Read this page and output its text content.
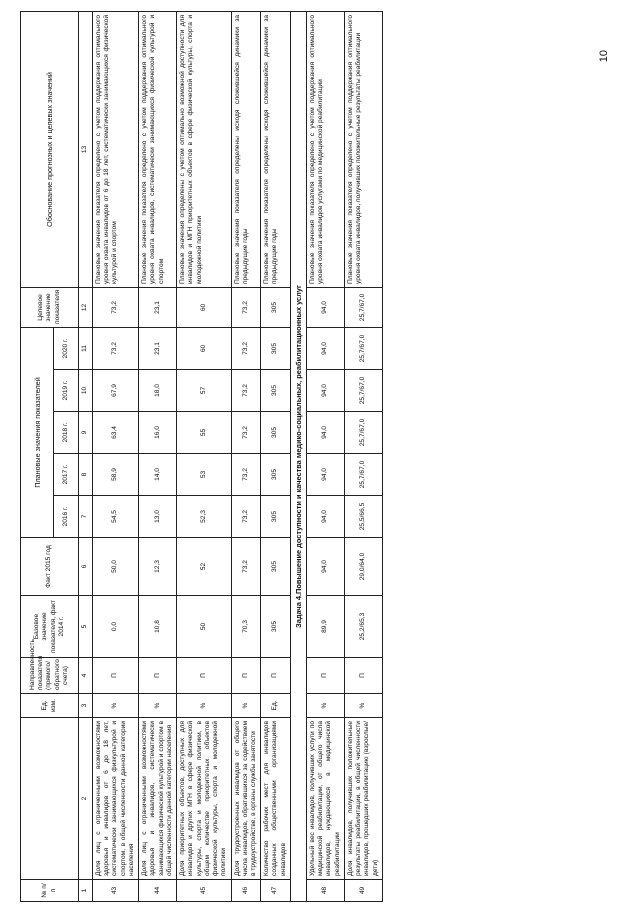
10
№ п/п		Ед. изм.	Направленность показателя (прямого/обратного счета)	Базовое значение показателя, факт 2014 г.	Факт 2015 год	Плановые значения показателей					Целевое значение показателя	Обоснование прогнозных и целевых значений
						2016 г.	2017 г.	2018 г.	2019 г.	2020 г.		
1	2	3	4	5	6	7	8	9	10	11	12	13
43	Доля лиц с ограниченными возможностями здоровья и инвалидов от 6 до 18 лет, систематически занимающихся физкультурой и спортом, в общей численности данной категории населения	%	П	0,0	50,0	54,5	58,9	63,4	67,9	73,2	73,2	Плановые значения показателя определено с учетом поддержания оптимального уровня охвата инвалидов от 6 до 18 лет, систематически занимающихся физической культурой и спортом
44	Доля лиц с ограниченными возможностями здоровья и инвалидов, систематически занимающихся физической культурой и спортом в общей численности данной категории населения	%	П	10,8	12,3	13,0	14,0	16,0	18,0	23,1	23,1	Плановые значения показателя определено с учетом поддержания оптимального уровня охвата инвалидов, систематически занимающихся физической культурой и спортом
45	Доля приоритетных объектов, доступных для инвалидов и других МГН в сфере физической культуры, спорта и молодежной политики, в общем количестве приоритетных объектов физической культуры, спорта и молодежной политики	%	П	50	52	52,3	53	55	57	60	60	Плановые значения определены с учетом оптимально возможной доступности для инвалидов и МГН приоритетных объектов в сфере физической культуры, спорта и молодежной политики
46	Доля трудоустроенных инвалидов от общего числа инвалидов, обратившихся за содействием в трудоустройстве, в органы службы занятости	%	П	70,3	73,2	73,2	73,2	73,2	73,2	73,2	73,2	Плановые значения показателя определены исходя сложившейся динамики за предыдущие годы
47	Количество рабочих мест для инвалидов созданных общественными организациями инвалидов	Ед.	П	305	305	305	305	305	305	305	305	Плановые значения показателя определены исходя сложившейся динамики за предыдущие годы
Задача 4.Повышение доступности и качества медико-социальных, реабилитационных услуг												
48	Удельный вес инвалидов, получивших услуги по медицинской реабилитации, от общего числа инвалидов, нуждающихся в медицинской реабилитации	%	П	89,9	94,0	94,0	94,0	94,0	94,0	94,0	94,0	Плановые значения показателя определено с учетом поддержания оптимального уровня охвата инвалидов услугами по медицинской реабилитации
49	Доля инвалидов, получивших положительные результаты реабилитации, в общей численности инвалидов, прошедших реабилитацию (взрослые/дети)	%	П	25,2/65,3	29,0/64,0	25,5/66,5	25,7/67,0	25,7/67,0	25,7/67,0	25,7/67,0	25,7/67,0	Плановые значения показателя определено с учетом поддержания оптимального уровня охвата инвалидов, получивших положительные результаты реабилитации
